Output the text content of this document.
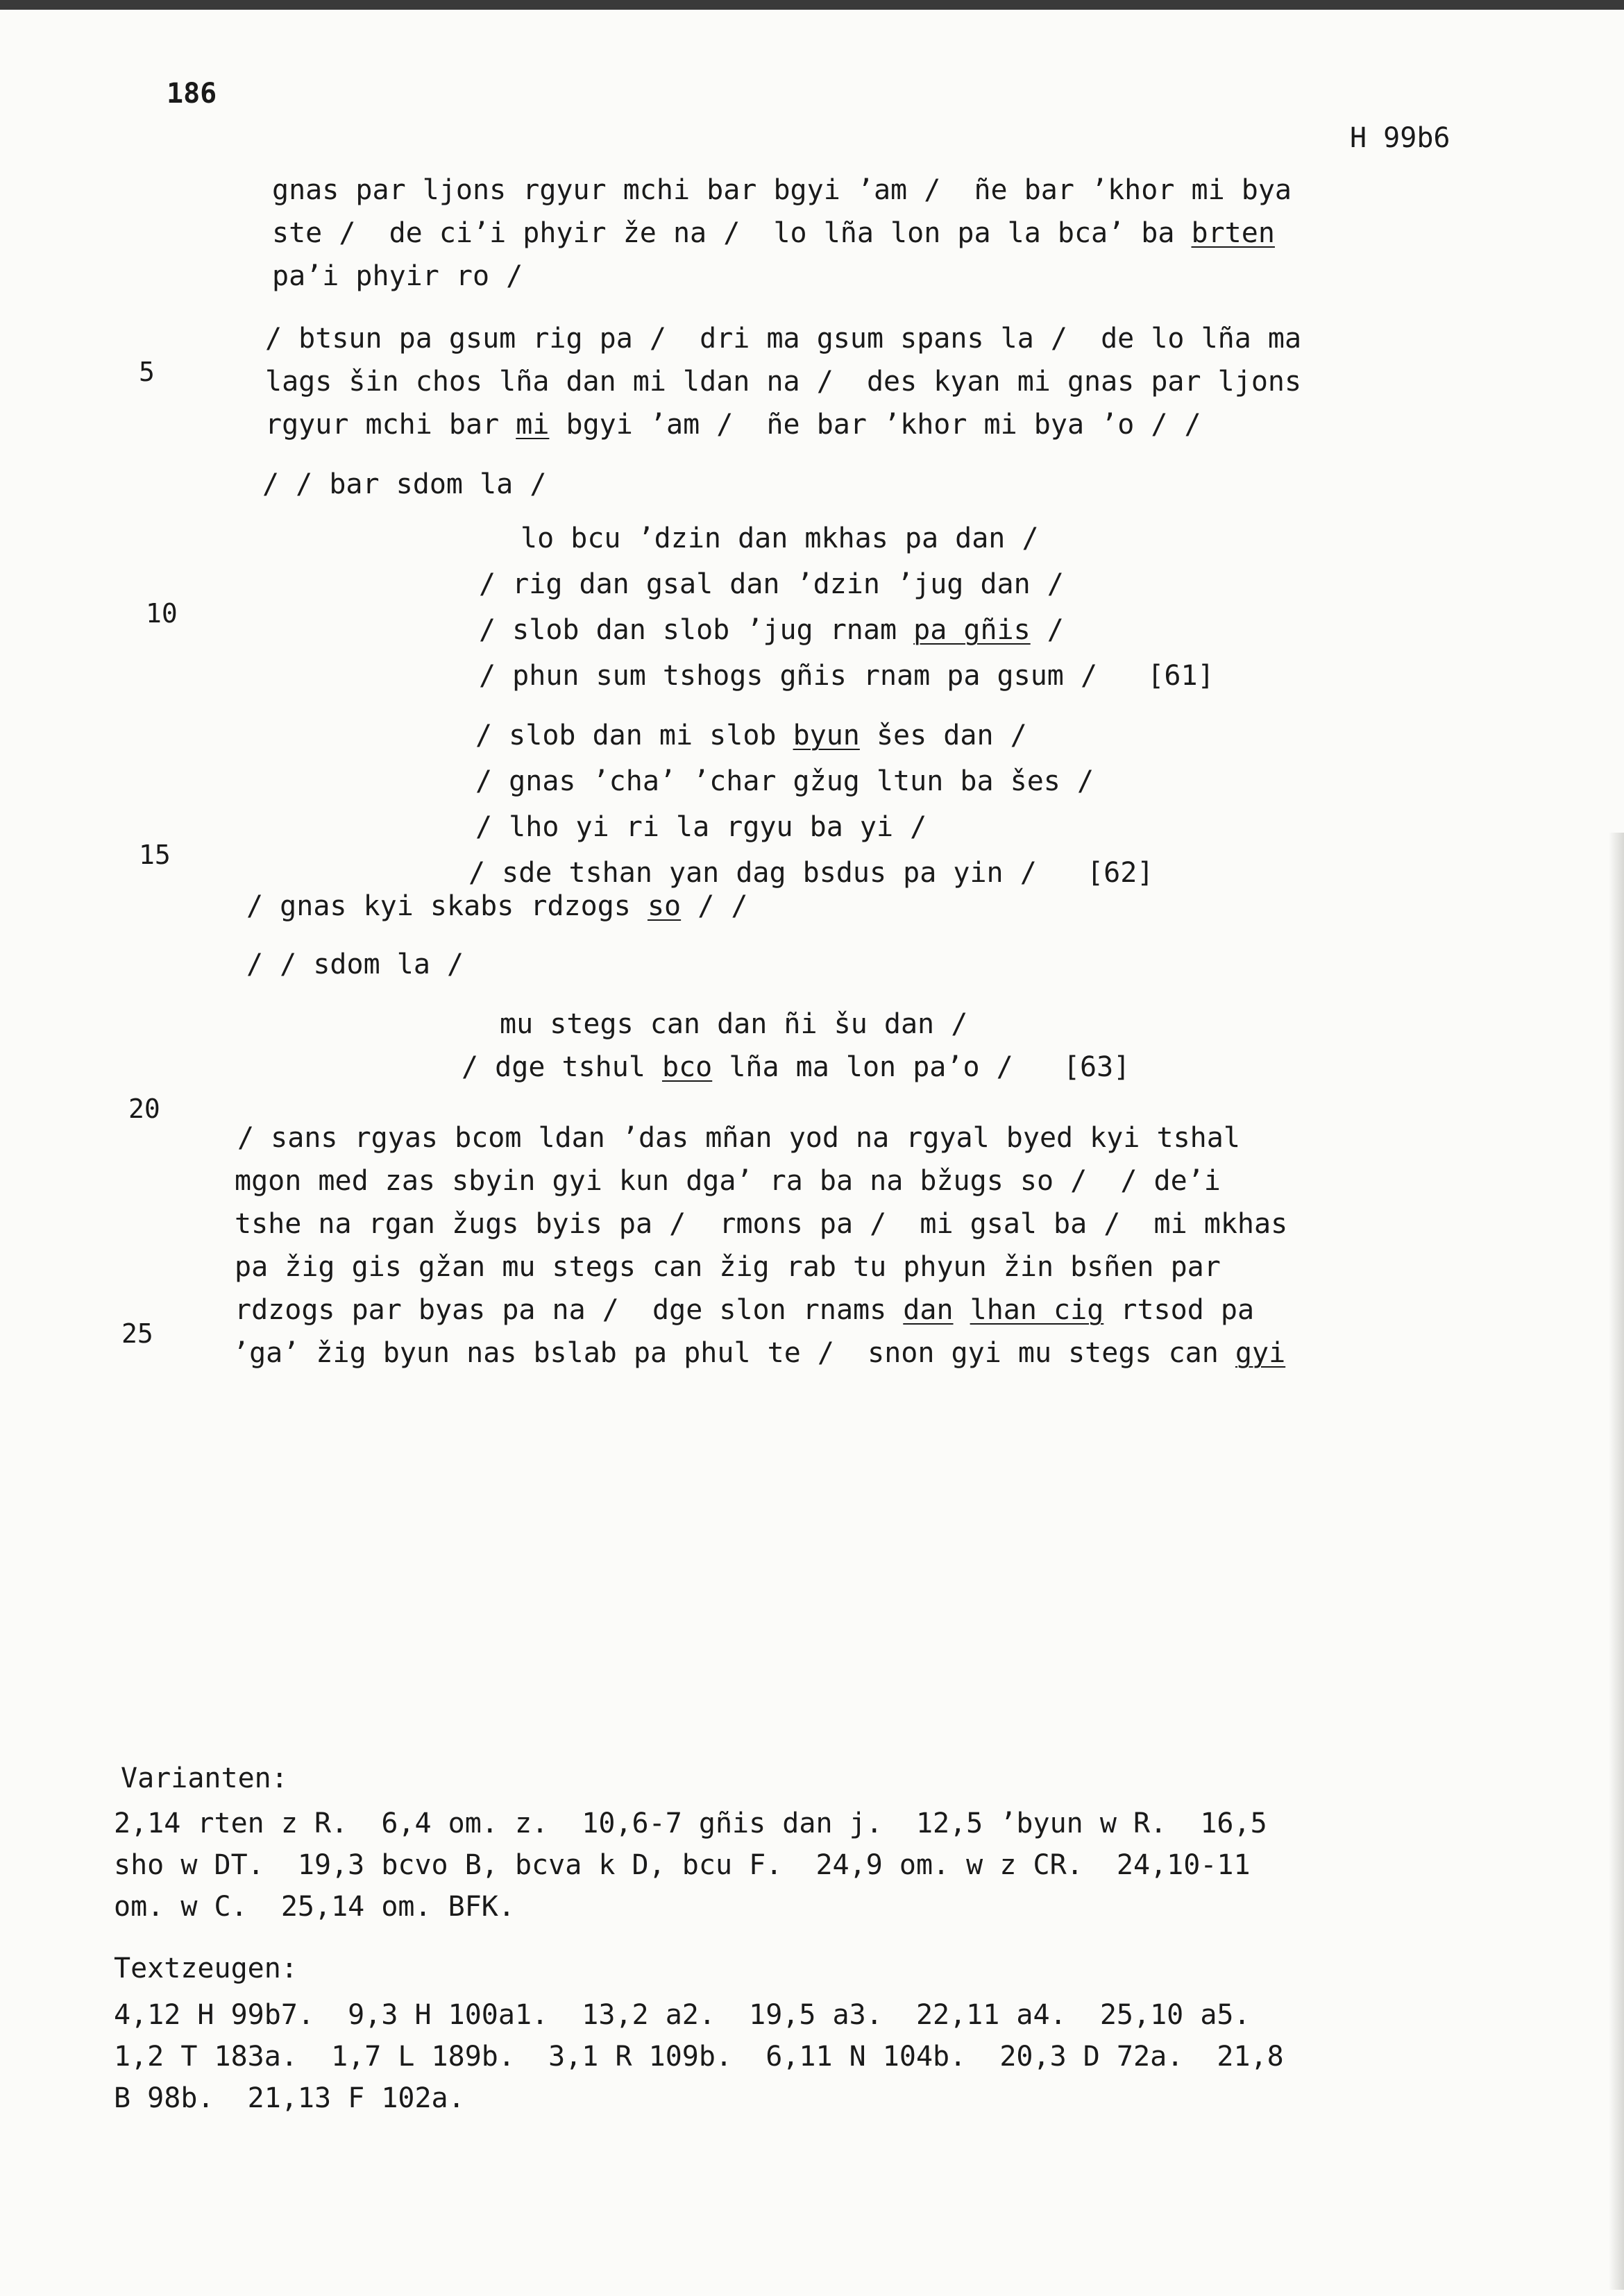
186
H 99b6
5
10
15
20
25
gnas par ljons rgyur mchi bar bgyi ’am /  ñe bar ’khor mi bya
ste /  de ci’i phyir že na /  lo lña lon pa la bca’ ba brten
pa’i phyir ro /
/ btsun pa gsum rig pa /  dri ma gsum spans la /  de lo lña ma
lags šin chos lña dan mi ldan na /  des kyan mi gnas par ljons
rgyur mchi bar mi bgyi ’am /  ñe bar ’khor mi bya ’o / /
/ / bar sdom la /
lo bcu ’dzin dan mkhas pa dan /
/ rig dan gsal dan ’dzin ’jug dan /
/ slob dan slob ’jug rnam pa gñis /
/ phun sum tshogs gñis rnam pa gsum /   [61]
/ slob dan mi slob byun šes dan /
/ gnas ’cha’ ’char gžug ltun ba šes /
/ lho yi ri la rgyu ba yi /
/ sde tshan yan dag bsdus pa yin /   [62]
/ gnas kyi skabs rdzogs so / /
/ / sdom la /
mu stegs can dan ñi šu dan /
/ dge tshul bco lña ma lon pa’o /   [63]
/ sans rgyas bcom ldan ’das mñan yod na rgyal byed kyi tshal
mgon med zas sbyin gyi kun dga’ ra ba na bžugs so /  / de’i
tshe na rgan žugs byis pa /  rmons pa /  mi gsal ba /  mi mkhas
pa žig gis gžan mu stegs can žig rab tu phyun žin bsñen par
rdzogs par byas pa na /  dge slon rnams dan lhan cig rtsod pa
’ga’ žig byun nas bslab pa phul te /  snon gyi mu stegs can gyi
Varianten:
2,14 rten z R.  6,4 om. z.  10,6-7 gñis dan j.  12,5 ’byun w R.  16,5
sho w DT.  19,3 bcvo B, bcva k D, bcu F.  24,9 om. w z CR.  24,10-11
om. w C.  25,14 om. BFK.
Textzeugen:
4,12 H 99b7.  9,3 H 100a1.  13,2 a2.  19,5 a3.  22,11 a4.  25,10 a5.
1,2 T 183a.  1,7 L 189b.  3,1 R 109b.  6,11 N 104b.  20,3 D 72a.  21,8
B 98b.  21,13 F 102a.
